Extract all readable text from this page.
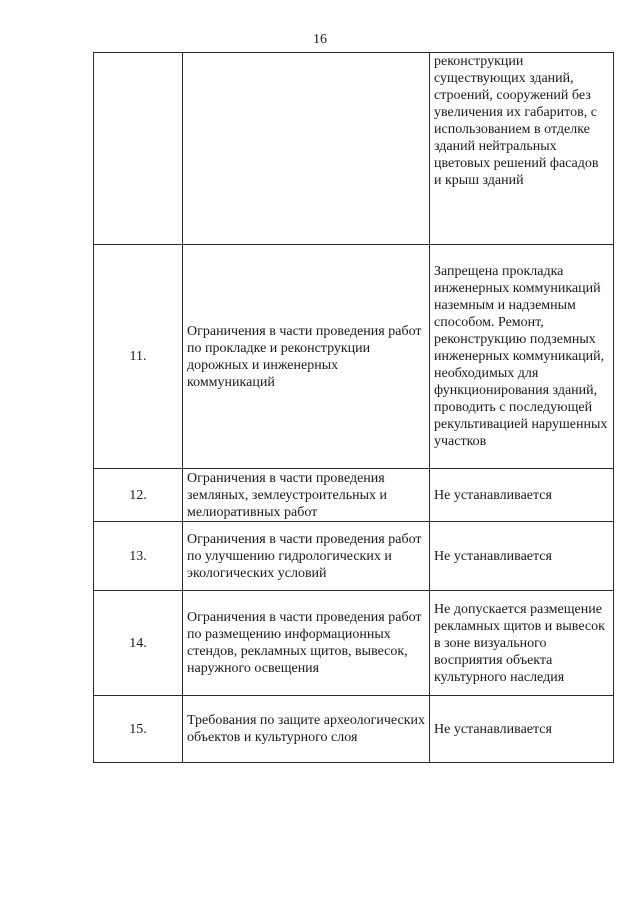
16
		реконструкции существующих зданий, строений, сооружений без увеличения их габаритов, с использованием в отделке зданий нейтральных цветовых решений фасадов и крыш зданий
11.	Ограничения в части проведения работ по прокладке и реконструкции дорожных и инженерных коммуникаций	Запрещена прокладка инженерных коммуникаций наземным и надземным способом. Ремонт, реконструкцию подземных инженерных коммуникаций, необходимых для функционирования зданий, проводить с последующей рекультивацией нарушенных участков
12.	Ограничения в части проведения земляных, землеустроительных и мелиоративных работ	Не устанавливается
13.	Ограничения в части проведения работ по улучшению гидрологических и экологических условий	Не устанавливается
14.	Ограничения в части проведения работ по размещению информационных стендов, рекламных щитов, вывесок, наружного освещения	Не допускается размещение рекламных щитов и вывесок в зоне визуального восприятия объекта культурного наследия
15.	Требования по защите археологических объектов и культурного слоя	Не устанавливается
